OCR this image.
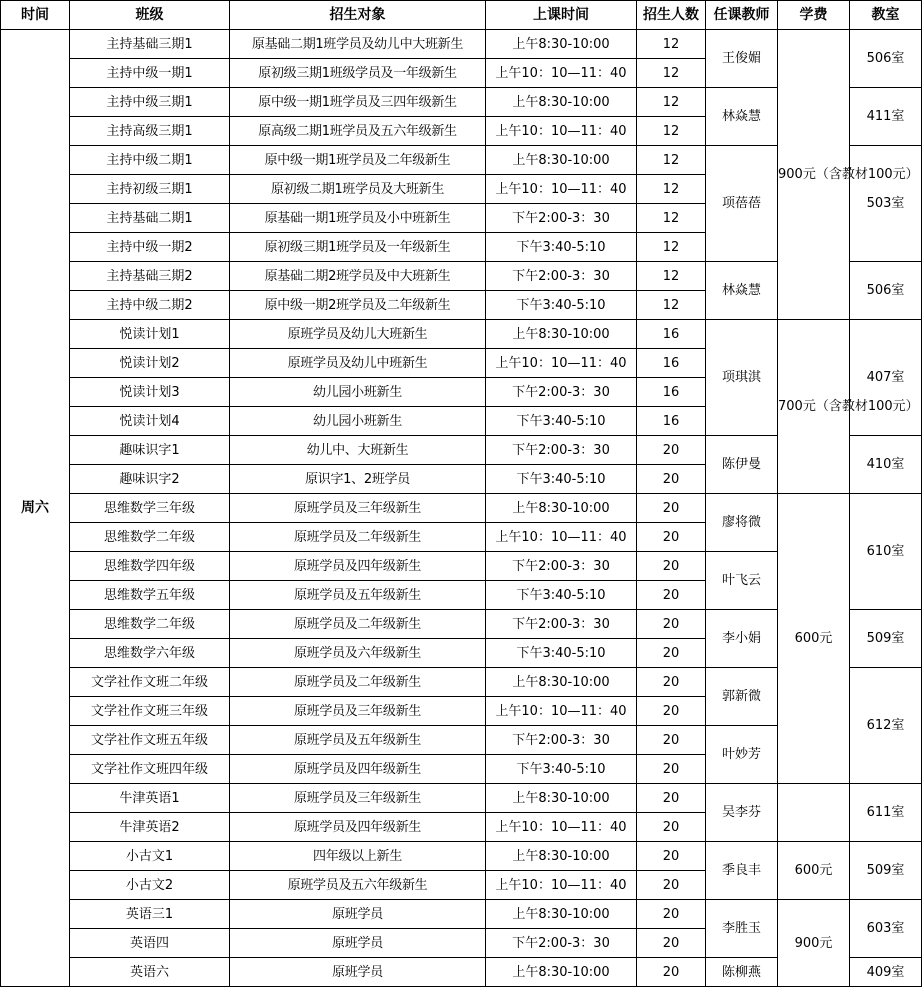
时间	班级	招生对象	上课时间	招生人数	任课教师	学费	教室
周六	主持基础三期1	原基础二期1班学员及幼儿中大班新生	上午8:30-10:00	12	王俊媚	900元（含教材100元）	506室
	主持中级一期1	原初级三期1班级学员及一年级新生	上午10：10—11：40	12			
	主持中级三期1	原中级一期1班学员及三四年级新生	上午8:30-10:00	12	林焱慧		411室
	主持高级三期1	原高级二期1班学员及五六年级新生	上午10：10—11：40	12			
	主持中级二期1	原中级一期1班学员及二年级新生	上午8:30-10:00	12	项蓓蓓		503室
	主持初级三期1	原初级二期1班学员及大班新生	上午10：10—11：40	12			
	主持基础二期1	原基础一期1班学员及小中班新生	下午2:00-3：30	12			
	主持中级一期2	原初级三期1班学员及一年级新生	下午3:40-5:10	12			
	主持基础三期2	原基础二期2班学员及中大班新生	下午2:00-3：30	12	林焱慧		506室
	主持中级二期2	原中级一期2班学员及二年级新生	下午3:40-5:10	12			
	悦读计划1	原班学员及幼儿大班新生	上午8:30-10:00	16	项琪淇	700元（含教材100元）	407室
	悦读计划2	原班学员及幼儿中班新生	上午10：10—11：40	16			
	悦读计划3	幼儿园小班新生	下午2:00-3：30	16			
	悦读计划4	幼儿园小班新生	下午3:40-5:10	16			
	趣味识字1	幼儿中、大班新生	下午2:00-3：30	20	陈伊曼		410室
	趣味识字2	原识字1、2班学员	下午3:40-5:10	20			
	思维数学三年级	原班学员及三年级新生	上午8:30-10:00	20	廖将微	600元	610室
	思维数学二年级	原班学员及二年级新生	上午10：10—11：40	20			
	思维数学四年级	原班学员及四年级新生	下午2:00-3：30	20	叶飞云		
	思维数学五年级	原班学员及五年级新生	下午3:40-5:10	20			
	思维数学二年级	原班学员及二年级新生	下午2:00-3：30	20	李小娟		509室
	思维数学六年级	原班学员及六年级新生	下午3:40-5:10	20			
	文学社作文班二年级	原班学员及二年级新生	上午8:30-10:00	20	郭新微		612室
	文学社作文班三年级	原班学员及三年级新生	上午10：10—11：40	20			
	文学社作文班五年级	原班学员及五年级新生	下午2:00-3：30	20	叶妙芳		
	文学社作文班四年级	原班学员及四年级新生	下午3:40-5:10	20			
	牛津英语1	原班学员及三年级新生	上午8:30-10:00	20	吴李芬		611室
	牛津英语2	原班学员及四年级新生	上午10：10—11：40	20			
	小古文1	四年级以上新生	上午8:30-10:00	20	季良丰	600元	509室
	小古文2	原班学员及五六年级新生	上午10：10—11：40	20			
	英语三1	原班学员	上午8:30-10:00	20	李胜玉	900元	603室
	英语四	原班学员	下午2:00-3：30	20			
	英语六	原班学员	上午8:30-10:00	20	陈柳燕		409室
